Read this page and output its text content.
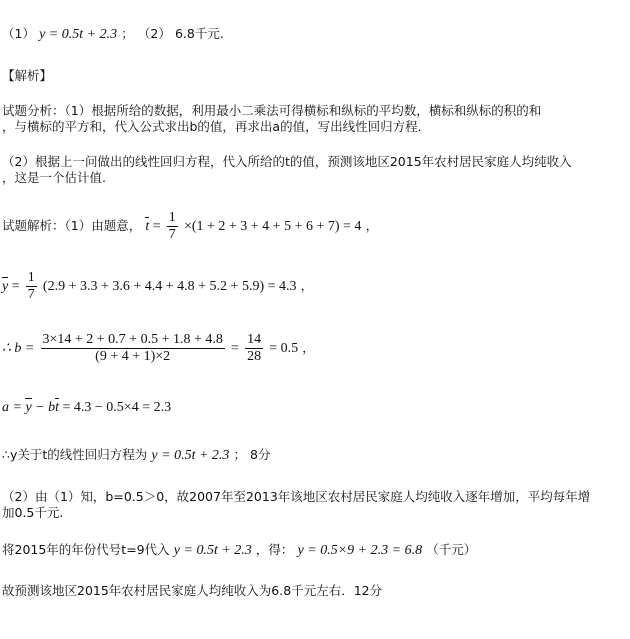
（1） y = 0.5t + 2.3 ； （2） 6.8千元.
【解析】
试题分析：（1）根据所给的数据，利用最小二乘法可得横标和纵标的平均数，横标和纵标的积的和
，与横标的平方和，代入公式求出b的值，再求出a的值，写出线性回归方程．
（2）根据上一问做出的线性回归方程，代入所给的t的值，预测该地区2015年农村居民家庭人均纯收入
，这是一个估计值.
试题解析：（1）由题意， $t = \frac{1}{7} \times(1 + 2 + 3 + 4 + 5 + 6 + 7) = 4$ ，
$y = \frac{1}{7} (2.9 + 3.3 + 3.6 + 4.4 + 4.8 + 5.2 + 5.9) = 4.3$ ，
∴ $b = \frac{3\times 14 + 2 + 0.7 + 0.5 + 1.8 + 4.8}{(9 + 4 + 1)\times 2} = \frac{14}{28} = 0.5$ ，
a = y − bt = 4.3 − 0.5×4 = 2.3
∴y关于t的线性回归方程为 y = 0.5t + 2.3 ； 8分
（2）由（1）知，b=0.5＞0，故2007年至2013年该地区农村居民家庭人均纯收入逐年增加，平均每年增
加0.5千元.
将2015年的年份代号t=9代入 y = 0.5t + 2.3 ，得： y = 0.5×9 + 2.3 = 6.8 （千元）
故预测该地区2015年农村居民家庭人均纯收入为6.8千元左右．12分
